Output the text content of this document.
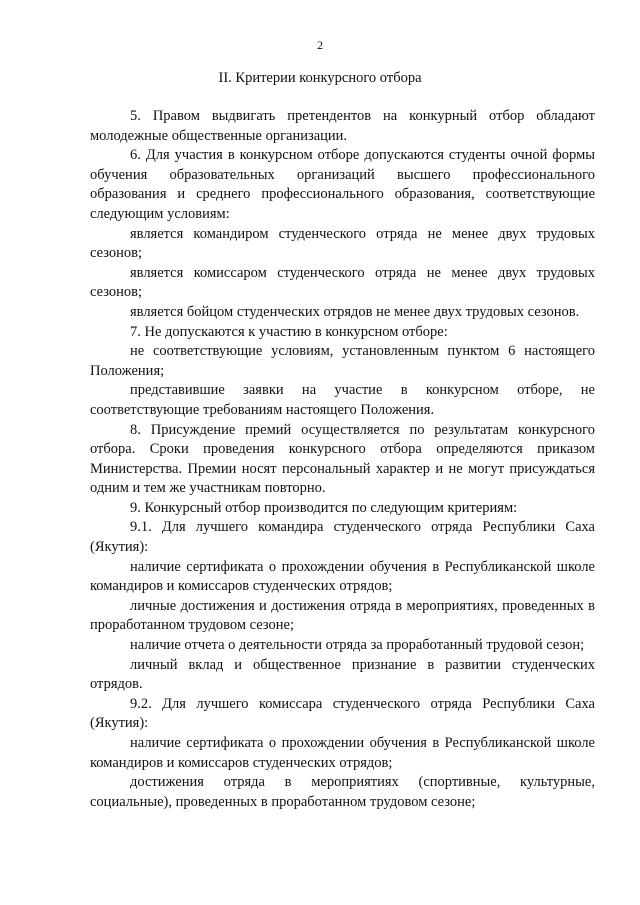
2
II. Критерии конкурсного отбора

5. Правом выдвигать претендентов на конкурный отбор обладают молодежные общественные организации.

6. Для участия в конкурсном отборе допускаются студенты очной формы обучения образовательных организаций высшего профессионального образования и среднего профессионального образования, соответствующие следующим условиям:

является командиром студенческого отряда не менее двух трудовых сезонов;

является комиссаром студенческого отряда не менее двух трудовых сезонов;

является бойцом студенческих отрядов не менее двух трудовых сезонов.

7. Не допускаются к участию в конкурсном отборе:

не соответствующие условиям, установленным пунктом 6 настоящего Положения;

представившие заявки на участие в конкурсном отборе, не соответствующие требованиям настоящего Положения.

8. Присуждение премий осуществляется по результатам конкурсного отбора. Сроки проведения конкурсного отбора определяются приказом Министерства. Премии носят персональный характер и не могут присуждаться одним и тем же участникам повторно.

9. Конкурсный отбор производится по следующим критериям:

9.1. Для лучшего командира студенческого отряда Республики Саха (Якутия):

наличие сертификата о прохождении обучения в Республиканской школе командиров и комиссаров студенческих отрядов;

личные достижения и достижения отряда в мероприятиях, проведенных в проработанном трудовом сезоне;

наличие отчета о деятельности отряда за проработанный трудовой сезон;

личный вклад и общественное признание в развитии студенческих отрядов.

9.2. Для лучшего комиссара студенческого отряда Республики Саха (Якутия):

наличие сертификата о прохождении обучения в Республиканской школе командиров и комиссаров студенческих отрядов;

достижения отряда в мероприятиях (спортивные, культурные, социальные), проведенных в проработанном трудовом сезоне;
